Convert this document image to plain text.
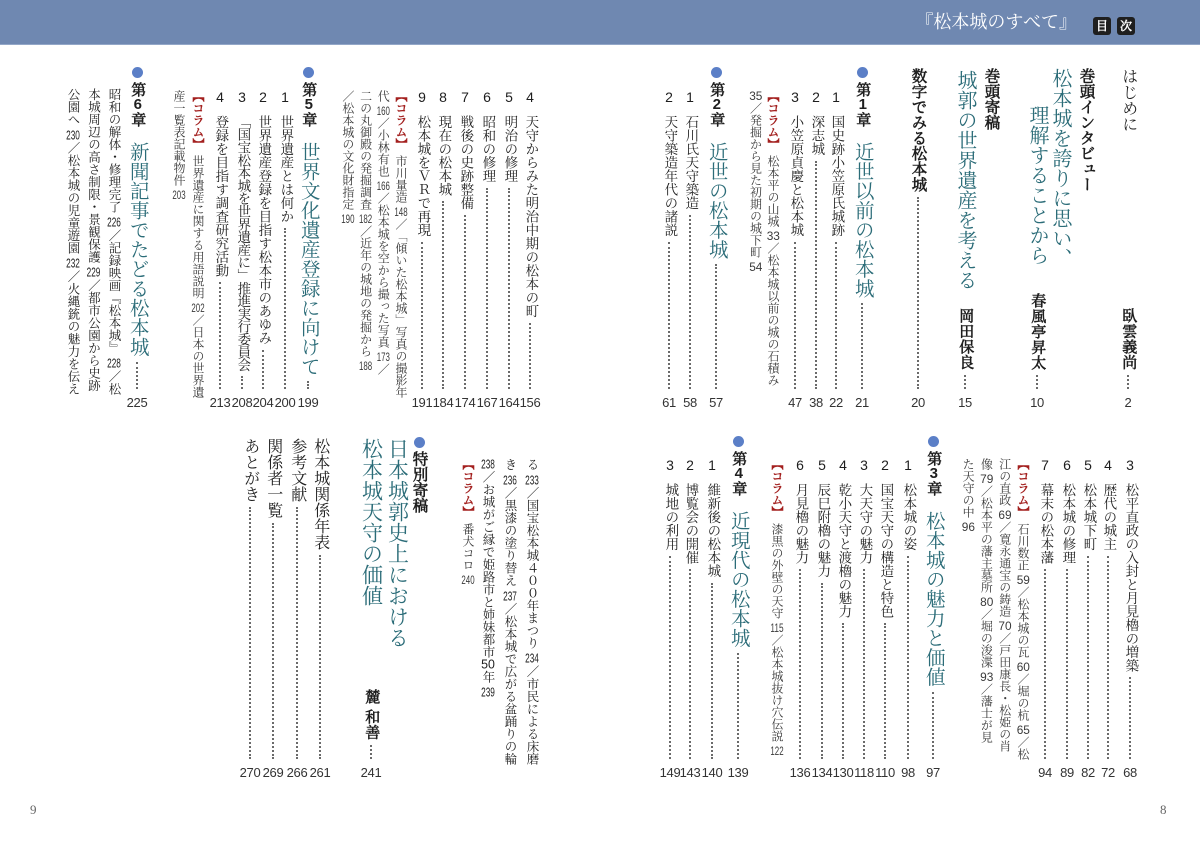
『松本城のすべて』 目 次
はじめに
臥雲義尚
2
巻頭インタビュー
松本城を誇りに思い、
理解することから
春風亭昇太
10
巻頭寄稿
城郭の世界遺産を考える
岡田保良
15
数字でみる松本城
20
第1章
近世以前の松本城
21
1
国史跡小笠原氏城跡
22
2
深志城
38
3
小笠原貞慶と松本城
47
【コラム】松本平の山城 33／松本城以前の城の石積み
35／発掘から見た初期の城下町 54
第2章
近世の松本城
57
1
石川氏天守築造
58
2
天守築造年代の諸説
61
3
松平直政の入封と月見櫓の増築
68
4
歴代の城主
72
5
松本城下町
82
6
松本城の修理
89
7
幕末の松本藩
94
【コラム】石川数正 59／松本城の瓦 60／堀の杭 65／松
江の直政 69／寛永通宝の鋳造 70／戸田康長・松姫の肖
像 79／松本平の藩主墓所 80／堀の浚渫 93／藩士が見
た天守の中 96
第3章
松本城の魅力と価値
97
1
松本城の姿
98
2
国宝天守の構造と特色
110
3
大天守の魅力
118
4
乾小天守と渡櫓の魅力
130
5
辰巳附櫓の魅力
134
6
月見櫓の魅力
136
【コラム】漆黒の外壁の天守 115／松本城抜け穴伝説 122
第4章
近現代の松本城
139
1
維新後の松本城
140
2
博覧会の開催
143
3
城地の利用
149
4
天守からみた明治中期の松本の町
156
5
明治の修理
164
6
昭和の修理
167
7
戦後の史跡整備
174
8
現在の松本城
184
9
松本城をＶＲで再現
191
【コラム】市川量造 148／「傾いた松本城」写真の撮影年
代 160／小林有也 166／松本城を空から撮った写真 173／
二の丸御殿の発掘調査 182／近年の城地の発掘から 188
／松本城の文化財指定 190
第5章
世界文化遺産登録に向けて
199
1
世界遺産とは何か
200
2
世界遺産登録を目指す松本市のあゆみ
204
3
「国宝松本城を世界遺産に」推進実行委員会
208
4
登録を目指す調査研究活動
213
【コラム】世界遺産に関する用語説明 202／日本の世界遺
産一覧表記載物件 203
第6章
新聞記事でたどる松本城
225
昭和の解体・修理完了 226／記録映画『松本城』 228／松
本城周辺の高さ制限・景観保護 229／都市公園から史跡
公園へ 230／松本城の児童遊園 232／火縄銃の魅力を伝え
る 233／国宝松本城４００年まつり 234／市民による床磨
き 236／黒漆の塗り替え 237／松本城で広がる盆踊りの輪
238／お城がご縁で姫路市と姉妹都市50年 239
【コラム】番犬コロ 240
特別寄稿
日本城郭史上における
松本城天守の価値
麓 和善
241
松本城関係年表
261
参考文献
266
関係者一覧
269
あとがき
270
9	8
